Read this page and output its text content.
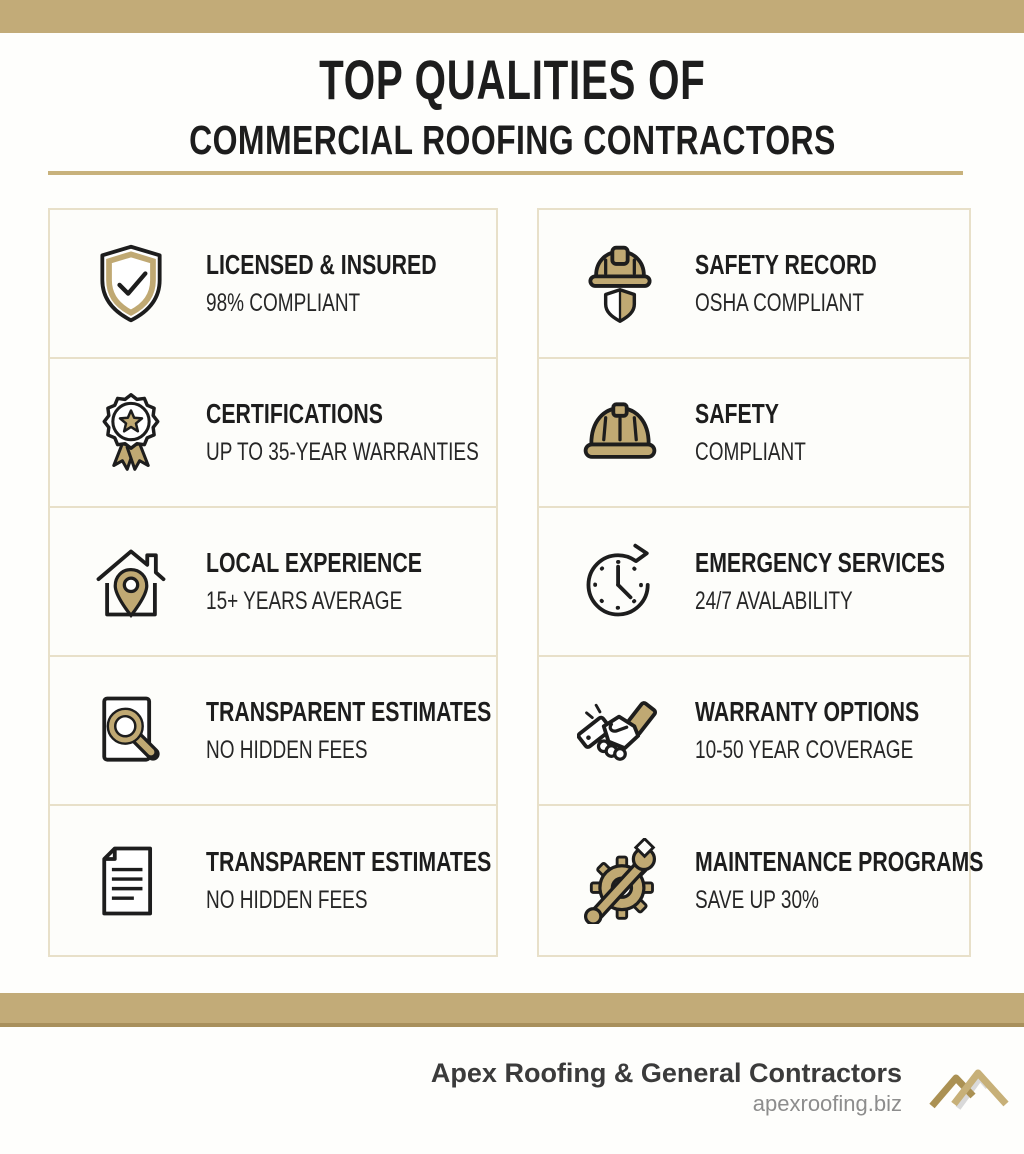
TOP QUALITIES OF
COMMERCIAL ROOFING CONTRACTORS
LICENSED & INSURED
98% COMPLIANT
CERTIFICATIONS
UP TO 35-YEAR WARRANTIES
LOCAL EXPERIENCE
15+ YEARS AVERAGE
TRANSPARENT ESTIMATES
NO HIDDEN FEES
TRANSPARENT ESTIMATES
NO HIDDEN FEES
SAFETY RECORD
OSHA COMPLIANT
SAFETY
COMPLIANT
EMERGENCY SERVICES
24/7 AVALABILITY
WARRANTY OPTIONS
10-50 YEAR COVERAGE
MAINTENANCE PROGRAMS
SAVE UP 30%
Apex Roofing & General Contractors
apexroofing.biz
